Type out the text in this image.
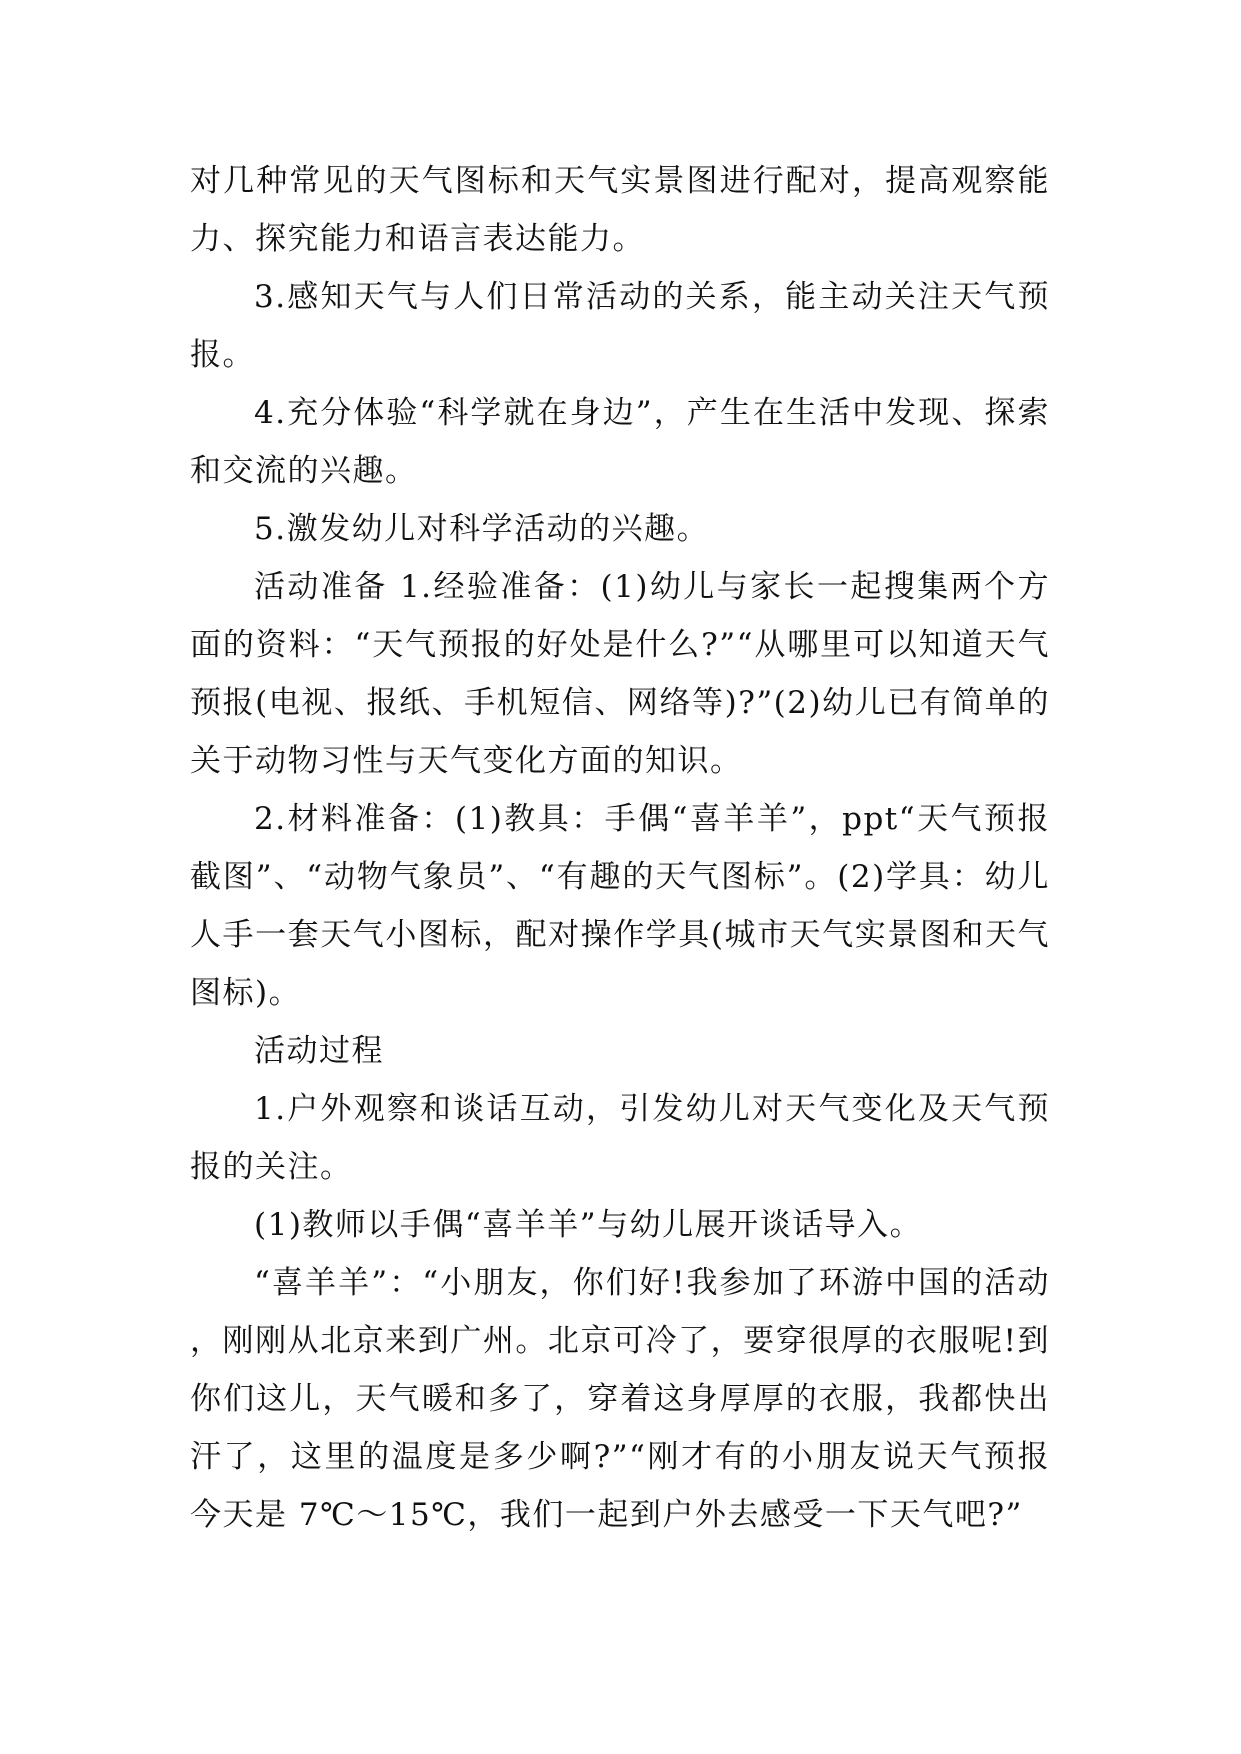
对几种常见的天气图标和天气实景图进行配对，提高观察能力、探究能力和语言表达能力。

3.感知天气与人们日常活动的关系，能主动关注天气预报。

4.充分体验“科学就在身边”，产生在生活中发现、探索和交流的兴趣。

5.激发幼儿对科学活动的兴趣。

活动准备 1.经验准备：(1)幼儿与家长一起搜集两个方面的资料：“天气预报的好处是什么?”“从哪里可以知道天气预报(电视、报纸、手机短信、网络等)?”(2)幼儿已有简单的关于动物习性与天气变化方面的知识。

2.材料准备：(1)教具：手偶“喜羊羊”，ppt“天气预报截图”、“动物气象员”、“有趣的天气图标”。(2)学具：幼儿人手一套天气小图标，配对操作学具(城市天气实景图和天气图标)。

活动过程

1.户外观察和谈话互动，引发幼儿对天气变化及天气预报的关注。

(1)教师以手偶“喜羊羊”与幼儿展开谈话导入。

“喜羊羊”：“小朋友，你们好!我参加了环游中国的活动，刚刚从北京来到广州。北京可冷了，要穿很厚的衣服呢!到你们这儿，天气暖和多了，穿着这身厚厚的衣服，我都快出汗了，这里的温度是多少啊?”“刚才有的小朋友说天气预报今天是 7℃～15℃，我们一起到户外去感受一下天气吧?”
